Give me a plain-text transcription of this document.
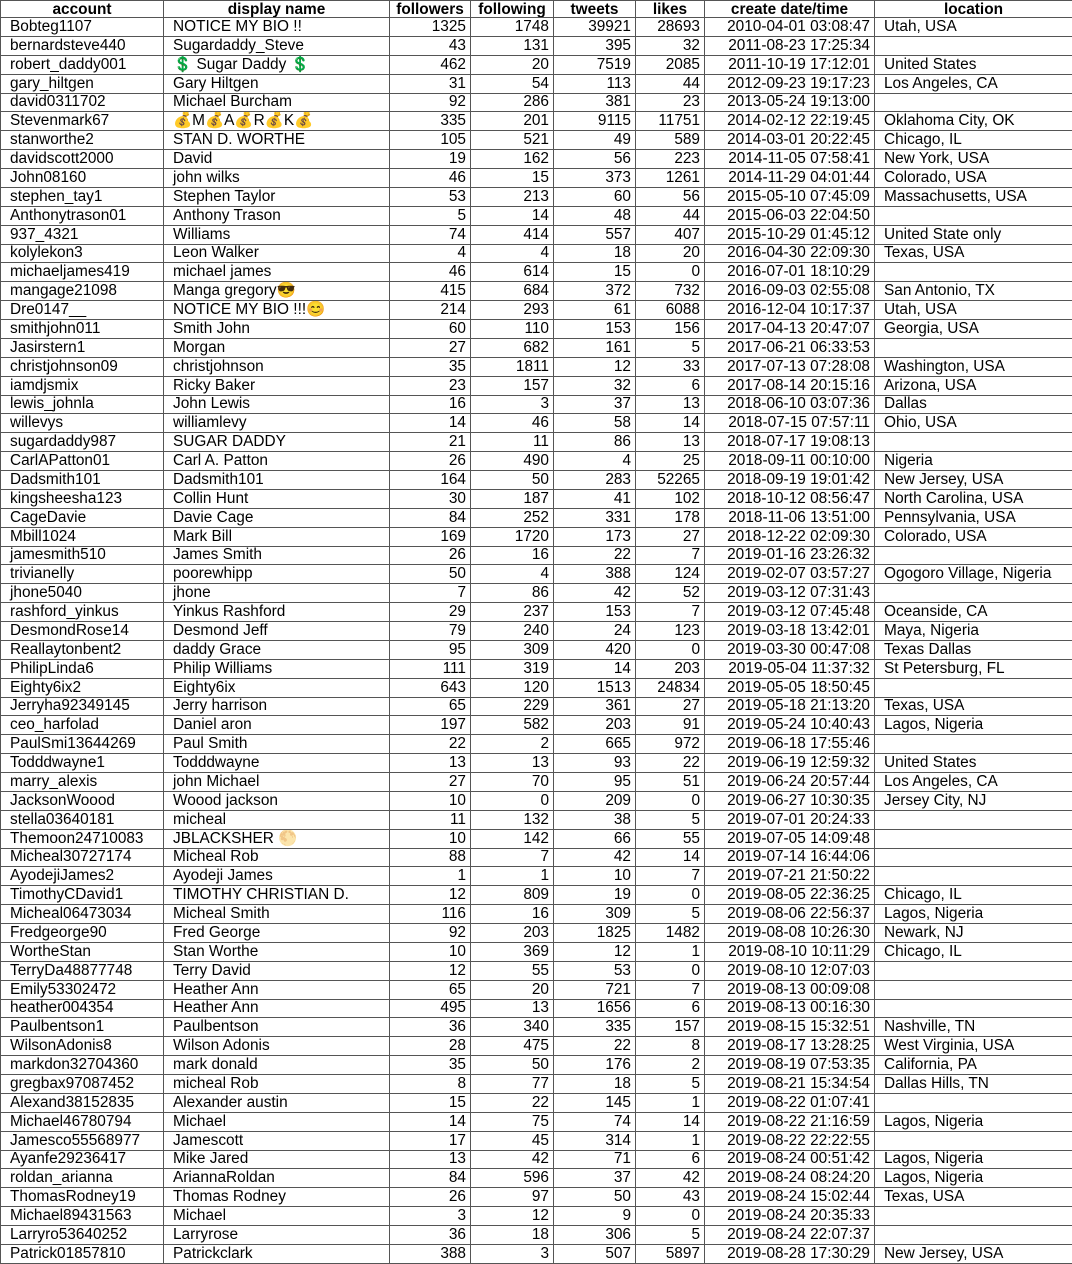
account	display name	followers	following	tweets	likes	create date/time	location
Bobteg1107	NOTICE MY BIO !!	1325	1748	39921	28693	2010-04-01 03:08:47	Utah, USA
bernardsteve440	Sugardaddy_Steve	43	131	395	32	2011-08-23 17:25:34	
robert_daddy001	💲 Sugar Daddy 💲	462	20	7519	2085	2011-10-19 17:12:01	United States
gary_hiltgen	Gary Hiltgen	31	54	113	44	2012-09-23 19:17:23	Los Angeles, CA
david0311702	Michael Burcham	92	286	381	23	2013-05-24 19:13:00	
Stevenmark67	💰M💰A💰R💰K💰	335	201	9115	11751	2014-02-12 22:19:45	Oklahoma City, OK
stanworthe2	STAN D. WORTHE	105	521	49	589	2014-03-01 20:22:45	Chicago, IL
davidscott2000	David	19	162	56	223	2014-11-05 07:58:41	New York, USA
John08160	john wilks	46	15	373	1261	2014-11-29 04:01:44	Colorado, USA
stephen_tay1	Stephen Taylor	53	213	60	56	2015-05-10 07:45:09	Massachusetts, USA
Anthonytrason01	Anthony Trason	5	14	48	44	2015-06-03 22:04:50	
937_4321	Williams	74	414	557	407	2015-10-29 01:45:12	United State only
kolylekon3	Leon Walker	4	4	18	20	2016-04-30 22:09:30	Texas, USA
michaeljames419	michael james	46	614	15	0	2016-07-01 18:10:29	
mangage21098	Manga gregory😎	415	684	372	732	2016-09-03 02:55:08	San Antonio, TX
Dre0147__	NOTICE MY BIO !!!😊	214	293	61	6088	2016-12-04 10:17:37	Utah, USA
smithjohn011	Smith John	60	110	153	156	2017-04-13 20:47:07	Georgia, USA
Jasirstern1	Morgan	27	682	161	5	2017-06-21 06:33:53	
christjohnson09	christjohnson	35	1811	12	33	2017-07-13 07:28:08	Washington, USA
iamdjsmix	Ricky Baker	23	157	32	6	2017-08-14 20:15:16	Arizona, USA
lewis_johnla	John Lewis	16	3	37	13	2018-06-10 03:07:36	Dallas
willevys	williamlevy	14	46	58	14	2018-07-15 07:57:11	Ohio, USA
sugardaddy987	SUGAR DADDY	21	11	86	13	2018-07-17 19:08:13	
CarlAPatton01	Carl A. Patton	26	490	4	25	2018-09-11 00:10:00	Nigeria
Dadsmith101	Dadsmith101	164	50	283	52265	2018-09-19 19:01:42	New Jersey, USA
kingsheesha123	Collin Hunt	30	187	41	102	2018-10-12 08:56:47	North Carolina, USA
CageDavie	Davie Cage	84	252	331	178	2018-11-06 13:51:00	Pennsylvania, USA
Mbill1024	Mark Bill	169	1720	173	27	2018-12-22 02:09:30	Colorado, USA
jamesmith510	James Smith	26	16	22	7	2019-01-16 23:26:32	
trivianelly	poorewhipp	50	4	388	124	2019-02-07 03:57:27	Ogogoro Village, Nigeria
jhone5040	jhone	7	86	42	52	2019-03-12 07:31:43	
rashford_yinkus	Yinkus Rashford	29	237	153	7	2019-03-12 07:45:48	Oceanside, CA
DesmondRose14	Desmond Jeff	79	240	24	123	2019-03-18 13:42:01	Maya, Nigeria
Reallaytonbent2	daddy Grace	95	309	420	0	2019-03-30 00:47:08	Texas Dallas
PhilipLinda6	Philip Williams	111	319	14	203	2019-05-04 11:37:32	St Petersburg, FL
Eighty6ix2	Eighty6ix	643	120	1513	24834	2019-05-05 18:50:45	
Jerryha92349145	Jerry harrison	65	229	361	27	2019-05-18 21:13:20	Texas, USA
ceo_harfolad	Daniel aron	197	582	203	91	2019-05-24 10:40:43	Lagos, Nigeria
PaulSmi13644269	Paul Smith	22	2	665	972	2019-06-18 17:55:46	
Todddwayne1	Todddwayne	13	13	93	22	2019-06-19 12:59:32	United States
marry_alexis	john Michael	27	70	95	51	2019-06-24 20:57:44	Los Angeles, CA
JacksonWoood	Woood jackson	10	0	209	0	2019-06-27 10:30:35	Jersey City, NJ
stella03640181	micheal	11	132	38	5	2019-07-01 20:24:33	
Themoon24710083	JBLACKSHER 🌕	10	142	66	55	2019-07-05 14:09:48	
Micheal30727174	Micheal Rob	88	7	42	14	2019-07-14 16:44:06	
AyodejiJames2	Ayodeji James	1	1	10	7	2019-07-21 21:50:22	
TimothyCDavid1	TIMOTHY CHRISTIAN D.	12	809	19	0	2019-08-05 22:36:25	Chicago, IL
Micheal06473034	Micheal Smith	116	16	309	5	2019-08-06 22:56:37	Lagos, Nigeria
Fredgeorge90	Fred George	92	203	1825	1482	2019-08-08 10:26:30	Newark, NJ
WortheStan	Stan Worthe	10	369	12	1	2019-08-10 10:11:29	Chicago, IL
TerryDa48877748	Terry David	12	55	53	0	2019-08-10 12:07:03	
Emily53302472	Heather Ann	65	20	721	7	2019-08-13 00:09:08	
heather004354	Heather Ann	495	13	1656	6	2019-08-13 00:16:30	
Paulbentson1	Paulbentson	36	340	335	157	2019-08-15 15:32:51	Nashville, TN
WilsonAdonis8	Wilson Adonis	28	475	22	8	2019-08-17 13:28:25	West Virginia, USA
markdon32704360	mark donald	35	50	176	2	2019-08-19 07:53:35	California, PA
gregbax97087452	micheal Rob	8	77	18	5	2019-08-21 15:34:54	Dallas Hills, TN
Alexand38152835	Alexander austin	15	22	145	1	2019-08-22 01:07:41	
Michael46780794	Michael	14	75	74	14	2019-08-22 21:16:59	Lagos, Nigeria
Jamesco55568977	Jamescott	17	45	314	1	2019-08-22 22:22:55	
Ayanfe29236417	Mike Jared	13	42	71	6	2019-08-24 00:51:42	Lagos, Nigeria
roldan_arianna	AriannaRoldan	84	596	37	42	2019-08-24 08:24:20	Lagos, Nigeria
ThomasRodney19	Thomas Rodney	26	97	50	43	2019-08-24 15:02:44	Texas, USA
Michael89431563	Michael	3	12	9	0	2019-08-24 20:35:33	
Larryro53640252	Larryrose	36	18	306	5	2019-08-24 22:07:37	
Patrick01857810	Patrickclark	388	3	507	5897	2019-08-28 17:30:29	New Jersey, USA
